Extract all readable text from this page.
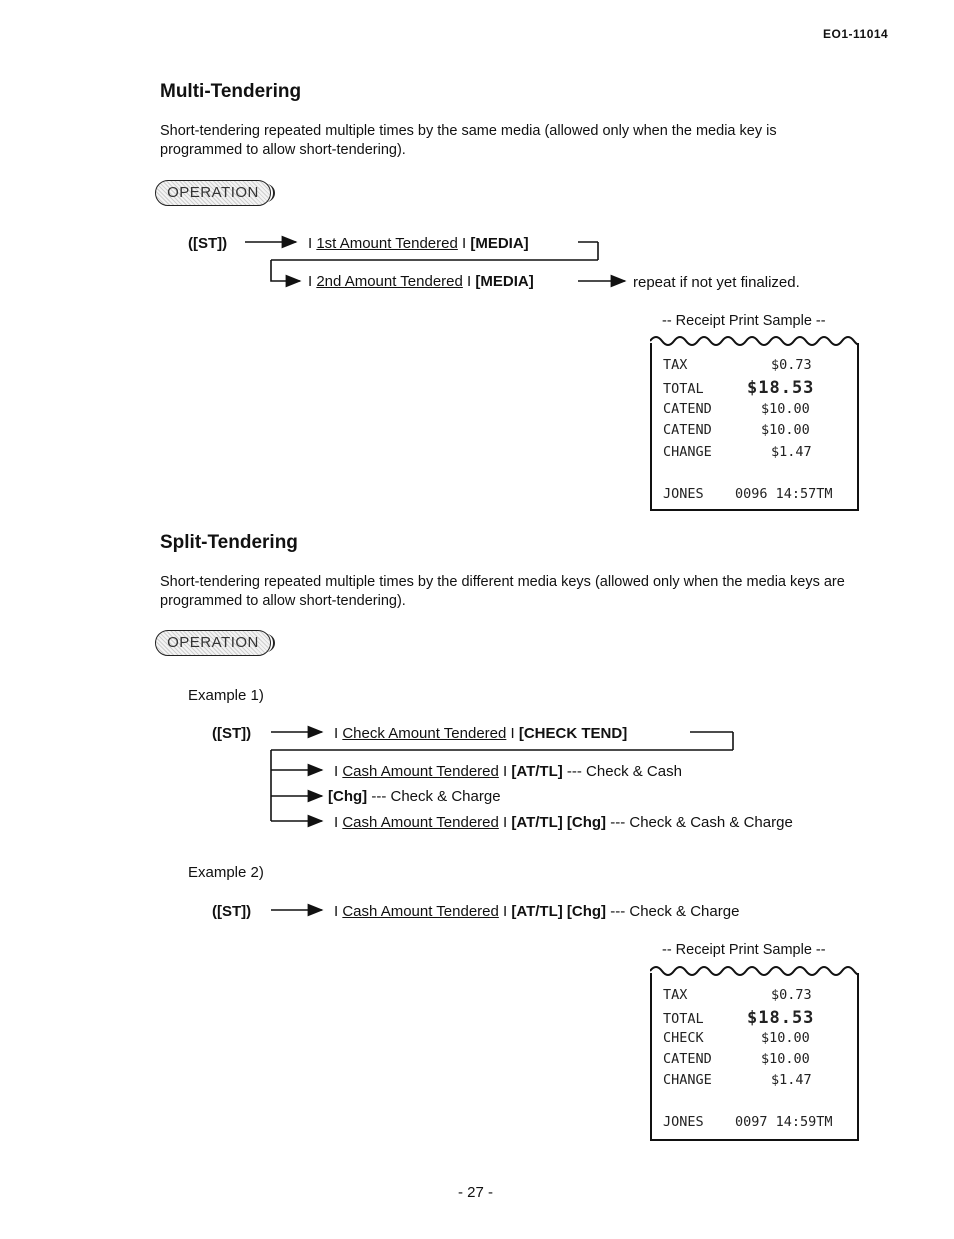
EO1-11014
Multi-Tendering
Short-tendering repeated multiple times by the same media (allowed only when the media key is programmed to allow short-tendering).
OPERATION
([ST])	I 1st Amount Tendered I [MEDIA]
I 2nd Amount Tendered I [MEDIA]	repeat if not yet finalized.
-- Receipt Print Sample --
TAX	$0.73
TOTAL	$18.53
CATEND	$10.00
CATEND	$10.00
CHANGE	$1.47
JONES 0096 14:57TM
Split-Tendering
Short-tendering repeated multiple times by the different media keys (allowed only when the media keys are programmed to allow short-tendering).
OPERATION
Example 1)
([ST])	I Check Amount Tendered I [CHECK TEND]
I Cash Amount Tendered I [AT/TL] --- Check & Cash
[Chg] --- Check & Charge
I Cash Amount Tendered I [AT/TL] [Chg] --- Check & Cash & Charge
Example 2)
([ST])	I Cash Amount Tendered I [AT/TL] [Chg] --- Check & Charge
-- Receipt Print Sample --
TAX	$0.73
TOTAL	$18.53
CHECK	$10.00
CATEND	$10.00
CHANGE	$1.47
JONES 0097 14:59TM
- 27 -
